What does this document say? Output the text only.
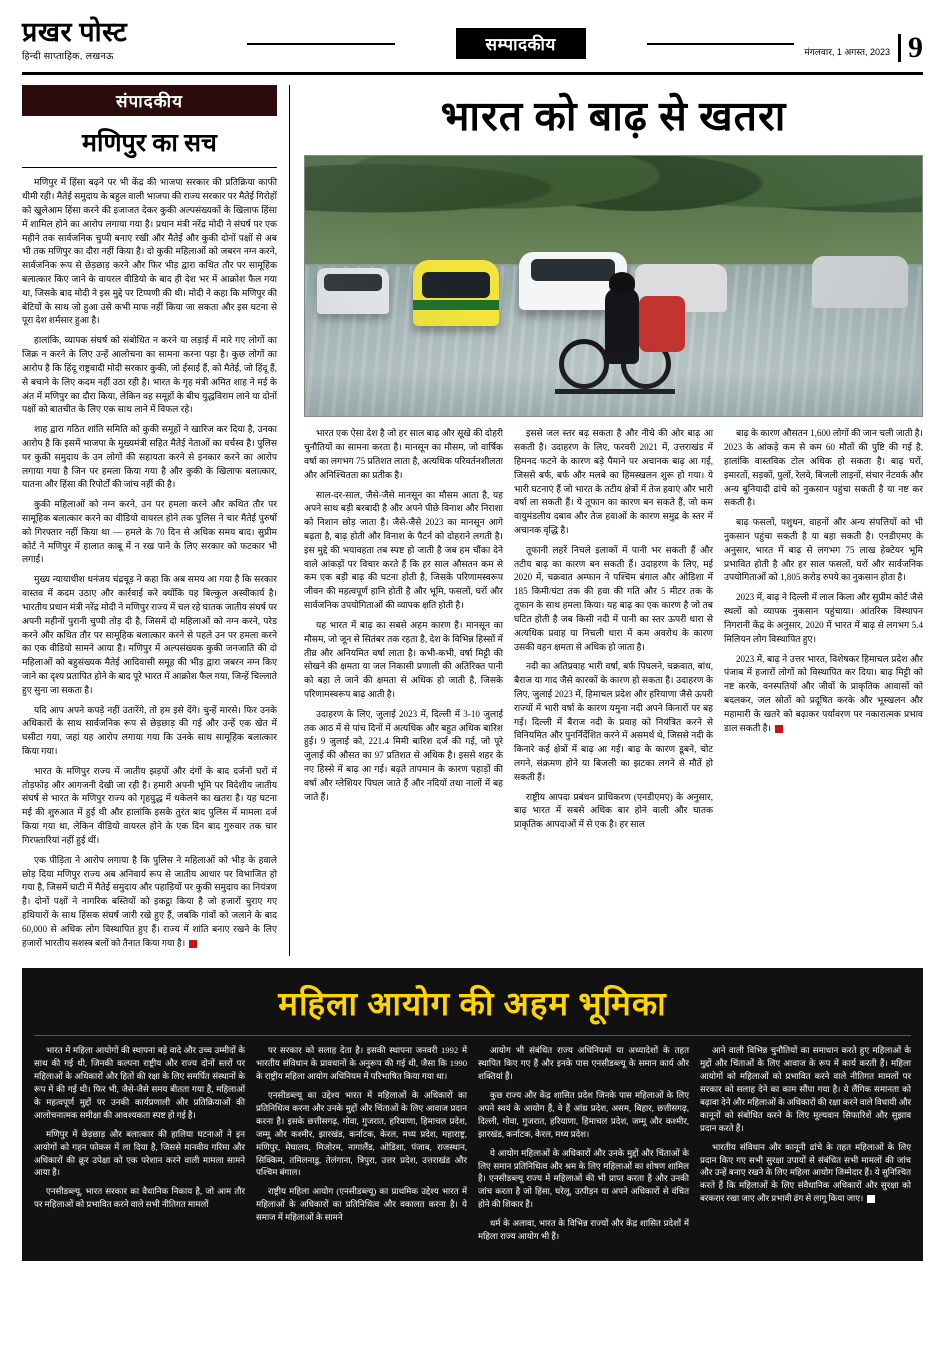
प्रखर पोस्ट
हिन्दी साप्ताहिक, लखनऊ
सम्पादकीय	मंगलवार, 1 अगस्त, 2023 9
संपादकीय
मणिपुर का सच

मणिपुर में हिंसा बढ़ने पर भी केंद्र की भाजपा सरकार की प्रतिक्रिया काफी धीमी रही। मैतेई समुदाय के बहुल वाली भाजपा की राज्य सरकार पर मैतेई गिरोहों को खुलेआम हिंसा करने की इजाजत देकर कुकी अल्पसंख्यकों के खिलाफ हिंसा में शामिल होने का आरोप लगाया गया है। प्रधान मंत्री नरेंद्र मोदी ने संघर्ष पर एक महीने तक सार्वजनिक चुप्पी बनाए रखी और मैतेई और कुकी दोनों पक्षों से अब भी तक मणिपुर का दौरा नहीं किया है। दो कुकी महिलाओं को जबरन नग्न करने, सार्वजनिक रूप से छेड़छाड़ करने और फिर भीड़ द्वारा कथित तौर पर सामूहिक बलात्कार किए जाने के वायरल वीडियो के बाद ही देश भर में आक्रोश फैल गया था, जिसके बाद मोदी ने इस मुद्दे पर टिप्पणी की थी। मोदी ने कहा कि मणिपुर की बेटियों के साथ जो हुआ उसे कभी माफ नहीं किया जा सकता और इस घटना से पूरा देश शर्मसार हुआ है।

हालांकि, व्यापक संघर्ष को संबोधित न करने या लड़ाई में मारे गए लोगों का जिक्र न करने के लिए उन्हें आलोचना का सामना करना पड़ा है। कुछ लोगों का आरोप है कि हिंदू राष्ट्रवादी मोदी सरकार कुकी, जो ईसाई हैं, को मैतेई, जो हिंदू हैं, से बचाने के लिए कदम नहीं उठा रही है। भारत के गृह मंत्री अमित शाह ने मई के अंत में मणिपुर का दौरा किया, लेकिन वह समूहों के बीच युद्धविराम लाने या दोनों पक्षों को बातचीत के लिए एक साथ लाने में विफल रहे।

शाह द्वारा गठित शांति समिति को कुकी समूहों ने खारिज कर दिया है, उनका आरोप है कि इसमें भाजपा के मुख्यमंत्री सहित मैतेई नेताओं का वर्चस्व है। पुलिस पर कुकी समुदाय के उन लोगों की सहायता करने से इनकार करने का आरोप लगाया गया है जिन पर हमला किया गया है और कुकी के खिलाफ बलात्कार, यातना और हिंसा की रिपोर्टों की जांच नहीं की है।

कुकी महिलाओं को नग्न करने, उन पर हमला करने और कथित तौर पर सामूहिक बलात्कार करने का वीडियो वायरल होने तक पुलिस ने चार मैतेई पुरुषों को गिरफ्तार नहीं किया था — हमले के 70 दिन से अधिक समय बाद। सुप्रीम कोर्ट ने मणिपुर में हालात काबू में न रख पाने के लिए सरकार को फटकार भी लगाई।

मुख्य न्यायाधीश धनंजय चंद्रचूड़ ने कहा कि अब समय आ गया है कि सरकार वास्तव में कदम उठाए और कार्रवाई करे क्योंकि यह बिल्कुल अस्वीकार्य है। भारतीय प्रधान मंत्री नरेंद्र मोदी ने मणिपुर राज्य में चल रहे घातक जातीय संघर्ष पर अपनी महीनों पुरानी चुप्पी तोड़ दी है, जिसमें दो महिलाओं को नग्न करने, परेड करने और कथित तौर पर सामूहिक बलात्कार करने से पहले उन पर हमला करने का एक वीडियो सामने आया है। मणिपुर में अल्पसंख्यक कुकी जनजाति की दो महिलाओं को बहुसंख्यक मैतेई आदिवासी समूह की भीड़ द्वारा जबरन नग्न किए जाने का दृश्य प्रतापित होने के बाद पूरे भारत में आक्रोश फैल गया, जिन्हें चिल्लाते हुए सुना जा सकता है।

यदि आप अपने कपड़े नहीं उतारेंगे, तो हम इसे देंगे। चुन्हें मारसे। फिर उनके अधिकारों के साथ सार्वजनिक रूप से छेड़छाड़ की गई और उन्हें एक खेत में घसीटा गया, जहां यह आरोप लगाया गया कि उनके साथ सामूहिक बलात्कार किया गया।

भारत के मणिपुर राज्य में जातीय झड़पों और दंगों के बाद दर्जनों घरों में तोड़फोड़ और आगजनी देखी जा रही है। हमारी अपनी भूमि पर विदेशीय जातीय संघर्ष से भारत के मणिपुर राज्य को गृहयुद्ध में धकेलने का खतरा है। यह घटना मई की शुरुआत में हुई थी और हालांकि इसके तुरंत बाद पुलिस में मामला दर्ज किया गया था, लेकिन वीडियो वायरल होने के एक दिन बाद गुरुवार तक चार गिरफ्तारियां नहीं हुई थीं।

एक पीड़िता ने आरोप लगाया है कि पुलिस ने महिलाओं को भीड़ के हवाले छोड़ दिया मणिपुर राज्य अब अनिवार्य रूप से जातीय आधार पर विभाजित हो गया है, जिसमें घाटी में मैतेई समुदाय और पहाड़ियों पर कुकी समुदाय का नियंत्रण है। दोनों पक्षों ने नागरिक बस्तियों को इकट्ठा किया है जो हजारों चुराए गए हथियारों के साथ हिंसक संघर्ष जारी रखे हुए हैं, जबकि गांवों को जलाने के बाद 60,000 से अधिक लोग विस्थापित हुए हैं। राज्य में शांति बनाए रखने के लिए हजारों भारतीय सशस्त्र बलों को तैनात किया गया है।

भारत को बाढ़ से खतरा

भारत एक ऐसा देश है जो हर साल बाढ़ और सूखे की दोहरी चुनौतियों का सामना करता है। मानसून का मौसम, जो वार्षिक वर्षा का लगभग 75 प्रतिशत लाता है, अत्यधिक परिवर्तनशीलता और अनिश्चितता का प्रतीक है।

साल-दर-साल, जैसे-जैसे मानसून का मौसम आता है, यह अपने साथ बड़ी बरबादी है और अपने पीछे विनाश और निराशा को निशान छोड़ जाता है। जैसे-जैसे 2023 का मानसून आगे बढ़ता है, बाढ़ होती और विनाश के पैटर्न को दोहराने लगती है। इस मुद्दे की भयावहता तब स्पष्ट हो जाती है जब हम चौंका देने वाले आंकड़ों पर विचार करते हैं कि हर साल औसतन कम से कम एक बड़ी बाढ़ की घटना होती है, जिसके परिणामस्वरूप जीवन की महत्वपूर्ण हानि होती है और भूमि, फसलों, घरों और सार्वजनिक उपयोगिताओं की व्यापक क्षति होती है।

यह भारत में बाढ़ का सबसे अहम कारण है। मानसून का मौसम, जो जून से सितंबर तक रहता है, देश के विभिन्न हिस्सों में तीव्र और अनियमित वर्षा लाता है। कभी-कभी, वर्षा मिट्टी की सोखने की क्षमता या जल निकासी प्रणाली की अतिरिक्त पानी को बहा ले जाने की क्षमता से अधिक हो जाती है, जिसके परिणामस्वरूप बाढ़ आती है।

उदाहरण के लिए, जुलाई 2023 में, दिल्ली में 3-10 जुलाई तक आठ में से पांच दिनों में अत्यधिक और बहुत अधिक बारिश हुई। 9 जुलाई को, 221.4 मिमी बारिश दर्ज की गई, जो पूरे जुलाई की औसत का 97 प्रतिशत से अधिक है। इससे शहर के नए हिस्से में बाढ़ आ गई। बढ़ते तापमान के कारण पहाड़ों की वर्षा और ग्लेशियर पिघल जाते हैं और नदियों तथा नालों में बह जाते हैं।

इससे जल स्तर बढ़ सकता है और नीचे की ओर बाढ़ आ सकती है। उदाहरण के लिए, फरवरी 2021 में, उत्तराखंड में हिमनद फटने के कारण बड़े पैमाने पर अचानक बाढ़ आ गई, जिससे बर्फ, बर्फ और मलबे का हिमस्खलन शुरू हो गया। ये भारी घटनाएं हैं जो भारत के तटीय क्षेत्रों में तेज हवाएं और भारी वर्षा ला सकती हैं। ये तूफान का कारण बन सकते हैं, जो कम वायुमंडलीय दबाव और तेज हवाओं के कारण समुद्र के स्तर में अचानक वृद्धि है।

तूफानी लहरें निचले इलाकों में पानी भर सकती हैं और तटीय बाढ़ का कारण बन सकती हैं। उदाहरण के लिए, मई 2020 में, चक्रवात अम्फान ने पश्चिम बंगाल और ओडिशा में 185 किमी/घंटा तक की हवा की गति और 5 मीटर तक के तूफान के साथ हमला किया। यह बाढ़ का एक कारण है जो तब घटित होती है जब किसी नदी में पानी का स्तर ऊपरी धारा से अत्यधिक प्रवाह या निचली धारा में कम अवरोध के कारण उसकी वहन क्षमता से अधिक हो जाता है।

नदी का अतिप्रवाह भारी वर्षा, बर्फ पिघलने, चक्रवात, बांध, बैराज या गाद जैसे कारकों के कारण हो सकता है। उदाहरण के लिए, जुलाई 2023 में, हिमाचल प्रदेश और हरियाणा जैसे ऊपरी राज्यों में भारी वर्षा के कारण यमुना नदी अपने किनारों पर बह गई। दिल्ली में बैराज नदी के प्रवाह को नियंत्रित करने से विनियमित और पुनर्निर्देशित करने में असमर्थ थे, जिससे नदी के किनारे कई क्षेत्रों में बाढ़ आ गई। बाढ़ के कारण डूबने, चोट लगने, संक्रमण होने या बिजली का झटका लगने से मौतें हो सकती हैं।

राष्ट्रीय आपदा प्रबंधन प्राधिकरण (एनडीएमए) के अनुसार, बाढ़ भारत में सबसे अधिक बार होने वाली और घातक प्राकृतिक आपदाओं में से एक है। हर साल

बाढ़ के कारण औसतन 1,600 लोगों की जान चली जाती है। 2023 के आंकड़े कम से कम 60 मौतों की पुष्टि की गई है, हालांकि वास्तविक टोल अधिक हो सकता है। बाढ़ घरों, इमारतों, सड़कों, पुलों, रेलवे, बिजली लाइनों, संचार नेटवर्क और अन्य बुनियादी ढांचे को नुकसान पहुंचा सकती है या नष्ट कर सकती है।

बाढ़ फसलों, पशुधन, वाहनों और अन्य संपत्तियों को भी नुकसान पहुंचा सकती है या बहा सकती है। एनडीएमए के अनुसार, भारत में बाढ़ से लगभग 75 लाख हेक्टेयर भूमि प्रभावित होती है और हर साल फसलों, घरों और सार्वजनिक उपयोगिताओं को 1,805 करोड़ रुपये का नुकसान होता है।

2023 में, बाढ़ ने दिल्ली में लाल किला और सुप्रीम कोर्ट जैसे स्थलों को व्यापक नुकसान पहुंचाया। आंतरिक विस्थापन निगरानी केंद्र के अनुसार, 2020 में भारत में बाढ़ से लगभग 5.4 मिलियन लोग विस्थापित हुए।

2023 में, बाढ़ ने उत्तर भारत, विशेषकर हिमाचल प्रदेश और पंजाब में हजारों लोगों को विस्थापित कर दिया। बाढ़ मिट्टी को नष्ट करके, वनस्पतियों और जीवों के प्राकृतिक आवासों को बदलकर, जल स्रोतों को प्रदूषित करके और भूस्खलन और महामारी के खतरे को बढ़ाकर पर्यावरण पर नकारात्मक प्रभाव डाल सकती है।

महिला आयोग की अहम भूमिका

भारत में महिला आयोगों की स्थापना बड़े वादे और उच्च उम्मीदों के साथ की गई थी, जिनकी कल्पना राष्ट्रीय और राज्य दोनों स्तरों पर महिलाओं के अधिकारों और हितों की रक्षा के लिए समर्पित संस्थानों के रूप में की गई थी। फिर भी, जैसे-जैसे समय बीतता गया है, महिलाओं के महत्वपूर्ण मुद्दों पर उनकी कार्यप्रणाली और प्रतिक्रियाओं की आलोचनात्मक समीक्षा की आवश्यकता स्पष्ट हो गई है।

मणिपुर में छेड़छाड़ और बलात्कार की हालिया घटनाओं ने इन आयोगों को गहन फोकस में ला दिया है, जिससे मानवीय गरिमा और अधिकारों की क्रूर उपेक्षा को एक परेशान करने वाली मामला सामने आया है।

एनसीडब्ल्यू, भारत सरकार का वैधानिक निकाय है, जो आम तौर पर महिलाओं को प्रभावित करने वाले सभी नीतिगत मामलों

पर सरकार को सलाह देता है। इसकी स्थापना जनवरी 1992 में भारतीय संविधान के प्रावधानों के अनुरूप की गई थी, जैसा कि 1990 के राष्ट्रीय महिला आयोग अधिनियम में परिभाषित किया गया था।

एनसीडब्ल्यू का उद्देश्य भारत में महिलाओं के अधिकारों का प्रतिनिधित्व करना और उनके मुद्दों और चिंताओं के लिए आवाज प्रदान करना है। इसके छत्तीसगढ़, गोवा, गुजरात, हरियाणा, हिमाचल प्रदेश, जम्मू और कश्मीर, झारखंड, कर्नाटक, केरल, मध्य प्रदेश, महाराष्ट्र, मणिपुर, मेघालय, मिजोरम, नागालैंड, ओडिशा, पंजाब, राजस्थान, सिक्किम, तमिलनाडु, तेलंगाना, त्रिपुरा, उत्तर प्रदेश, उत्तराखंड और पश्चिम बंगाल।

राष्ट्रीय महिला आयोग (एनसीडब्ल्यू) का प्राथमिक उद्देश्य भारत में महिलाओं के अधिकारों का प्रतिनिधित्व और वकालत करना है। ये समाज में महिलाओं के सामने

आयोग भी संबंधित राज्य अधिनियमों या अध्यादेशों के तहत स्थापित किए गए हैं और इनके पास एनसीडब्ल्यू के समान कार्य और शक्तियां हैं।

कुछ राज्य और केंद्र शासित प्रदेश जिनके पास महिलाओं के लिए अपने स्वयं के आयोग हैं, वे हैं आंध्र प्रदेश, असम, बिहार, छत्तीसगढ़, दिल्ली, गोवा, गुजरात, हरियाणा, हिमाचल प्रदेश, जम्मू और कश्मीर, झारखंड, कर्नाटक, केरल, मध्य प्रदेश।

ये आयोग महिलाओं के अधिकारों और उनके मुद्दों और चिंताओं के लिए समान प्रतिनिधित्व और श्रम के लिए महिलाओं का शोषण शामिल है। एनसीडब्ल्यू राज्य में महिलाओं की भी प्राप्त करता है और उनकी जांच करता है जो हिंसा, घरेलू, उत्पीड़न या अपने अधिकारों से वंचित होने की शिकार हैं।

धर्म के अलावा, भारत के विभिन्न राज्यों और केंद्र शासित प्रदेशों में महिला राज्य आयोग भी हैं।

आने वाली विभिन्न चुनौतियों का समाधान करते हुए महिलाओं के मुद्दों और चिंताओं के लिए आवाज के रूप में कार्य करती हैं। महिला आयोगों को महिलाओं को प्रभावित करने वाले नीतिगत मामलों पर सरकार को सलाह देने का काम सौंपा गया है। ये लैंगिक समानता को बढ़ावा देने और महिलाओं के अधिकारों की रक्षा करने वाले विधायी और कानूनों को संबोधित करने के लिए मूल्यवान सिफारिशें और सुझाव प्रदान करते हैं।

भारतीय संविधान और कानूनी ढांचे के तहत महिलाओं के लिए प्रदान किए गए सभी सुरक्षा उपायों से संबंधित सभी मामलों की जांच और उन्हें बनाए रखने के लिए महिला आयोग जिम्मेदार हैं। ये सुनिश्चित करते हैं कि महिलाओं के लिए संवैधानिक अधिकारों और सुरक्षा को बरकरार रखा जाए और प्रभावी ढंग से लागू किया जाए।
